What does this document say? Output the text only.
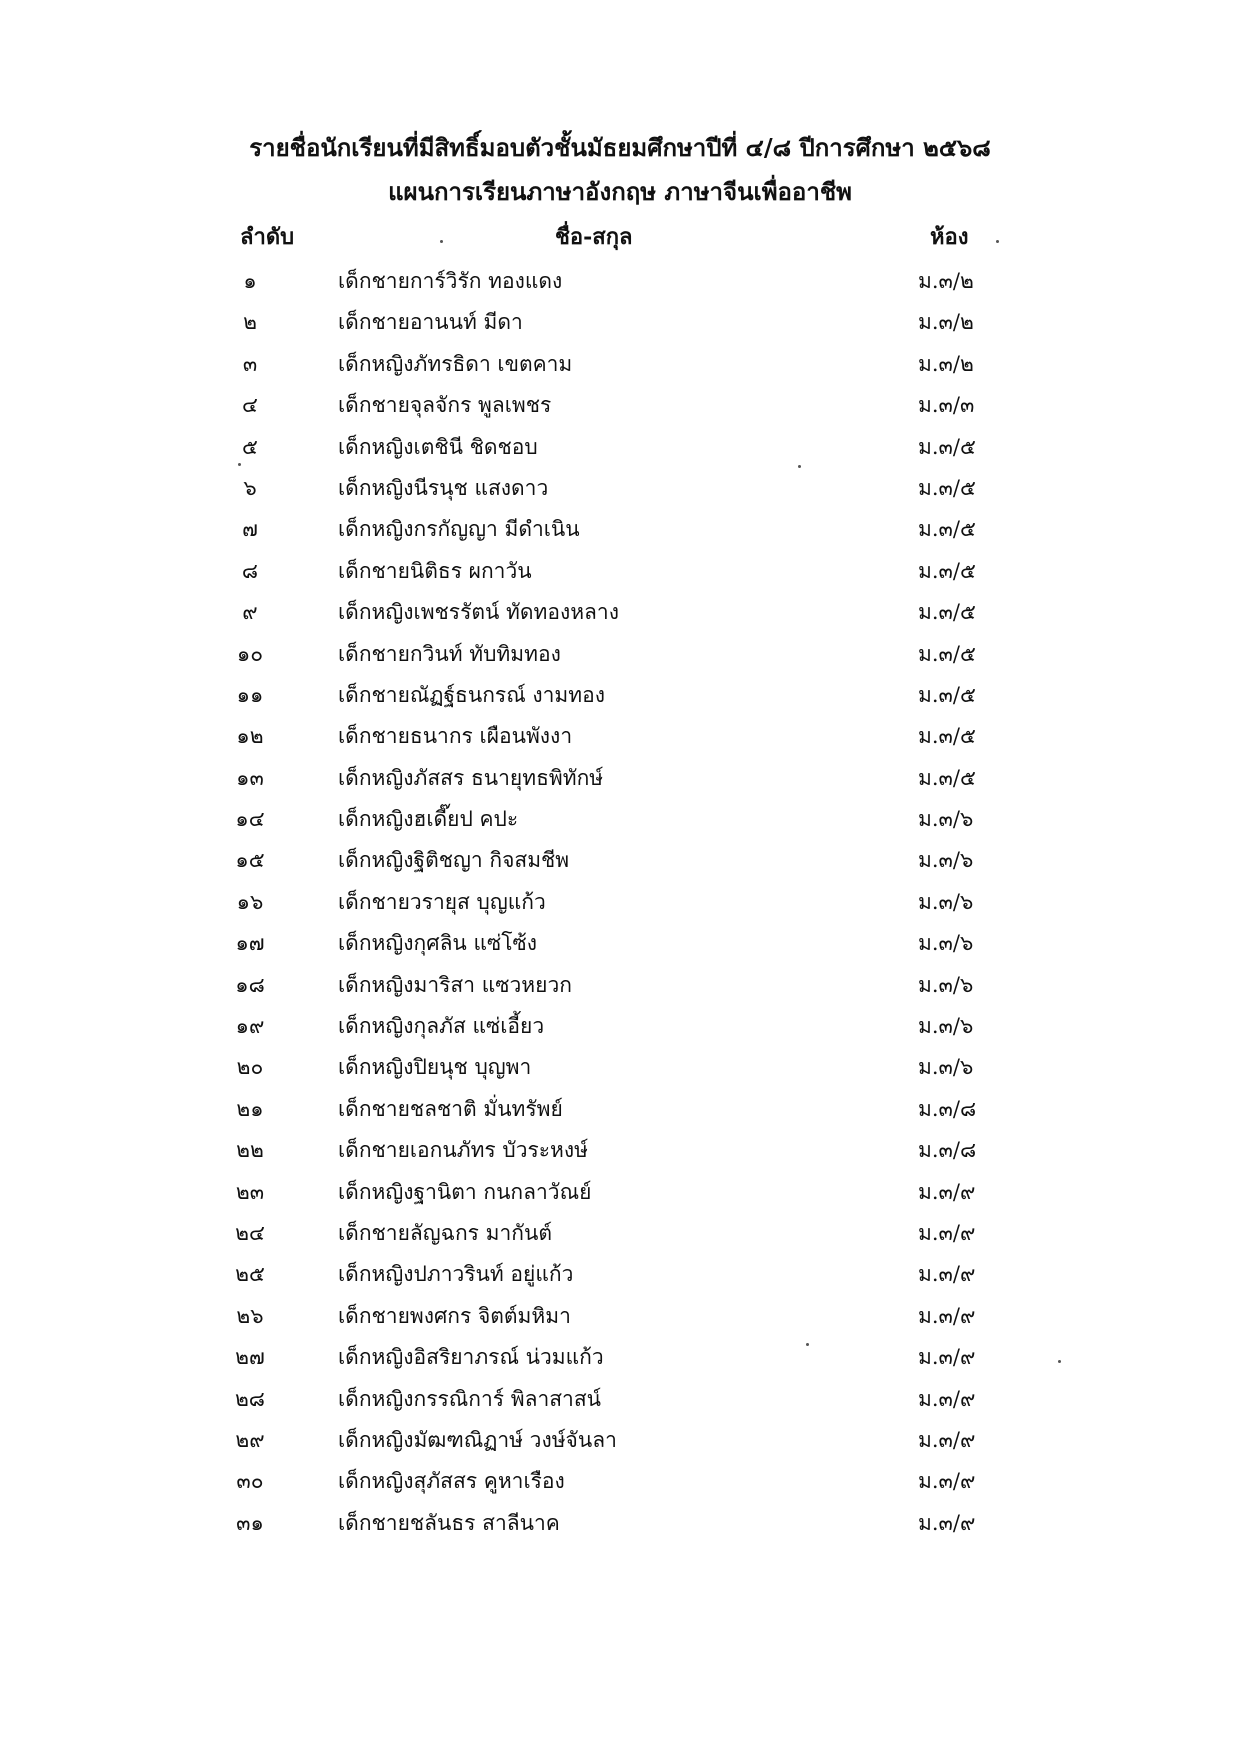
รายชื่อนักเรียนที่มีสิทธิ์มอบตัวชั้นมัธยมศึกษาปีที่ ๔/๘ ปีการศึกษา ๒๕๖๘
แผนการเรียนภาษาอังกฤษ ภาษาจีนเพื่ออาชีพ
ลำดับ	ชื่อ-สกุล	ห้อง
๑	เด็กชายการ์วิรัก ทองแดง	ม.๓/๒
๒	เด็กชายอานนท์ มีดา	ม.๓/๒
๓	เด็กหญิงภัทรธิดา เขตคาม	ม.๓/๒
๔	เด็กชายจุลจักร พูลเพชร	ม.๓/๓
๕	เด็กหญิงเตชินี ชิดชอบ	ม.๓/๕
๖	เด็กหญิงนีรนุช แสงดาว	ม.๓/๕
๗	เด็กหญิงกรกัญญา มีดำเนิน	ม.๓/๕
๘	เด็กชายนิติธร ผกาวัน	ม.๓/๕
๙	เด็กหญิงเพชรรัตน์ ทัดทองหลาง	ม.๓/๕
๑๐	เด็กชายกวินท์ ทับทิมทอง	ม.๓/๕
๑๑	เด็กชายณัฏฐ์ธนกรณ์ งามทอง	ม.๓/๕
๑๒	เด็กชายธนากร เผือนพังงา	ม.๓/๕
๑๓	เด็กหญิงภัสสร ธนายุทธพิทักษ์	ม.๓/๕
๑๔	เด็กหญิงฮเดี๊ยป คปะ	ม.๓/๖
๑๕	เด็กหญิงฐิติชญา กิจสมชีพ	ม.๓/๖
๑๖	เด็กชายวรายุส บุญแก้ว	ม.๓/๖
๑๗	เด็กหญิงกุศลิน แซ่โซ้ง	ม.๓/๖
๑๘	เด็กหญิงมาริสา แซวหยวก	ม.๓/๖
๑๙	เด็กหญิงกุลภัส แซ่เอี้ยว	ม.๓/๖
๒๐	เด็กหญิงปิยนุช บุญพา	ม.๓/๖
๒๑	เด็กชายชลชาติ มั่นทรัพย์	ม.๓/๘
๒๒	เด็กชายเอกนภัทร บัวระหงษ์	ม.๓/๘
๒๓	เด็กหญิงฐานิตา กนกลาวัณย์	ม.๓/๙
๒๔	เด็กชายลัญฉกร มากันต์	ม.๓/๙
๒๕	เด็กหญิงปภาวรินท์ อยู่แก้ว	ม.๓/๙
๒๖	เด็กชายพงศกร จิตต์มหิมา	ม.๓/๙
๒๗	เด็กหญิงอิสริยาภรณ์ น่วมแก้ว	ม.๓/๙
๒๘	เด็กหญิงกรรณิการ์ พิลาสาสน์	ม.๓/๙
๒๙	เด็กหญิงมัฒฑณิฏาษ์ วงษ์จันลา	ม.๓/๙
๓๐	เด็กหญิงสุภัสสร คูหาเรือง	ม.๓/๙
๓๑	เด็กชายชลันธร สาลีนาค	ม.๓/๙
